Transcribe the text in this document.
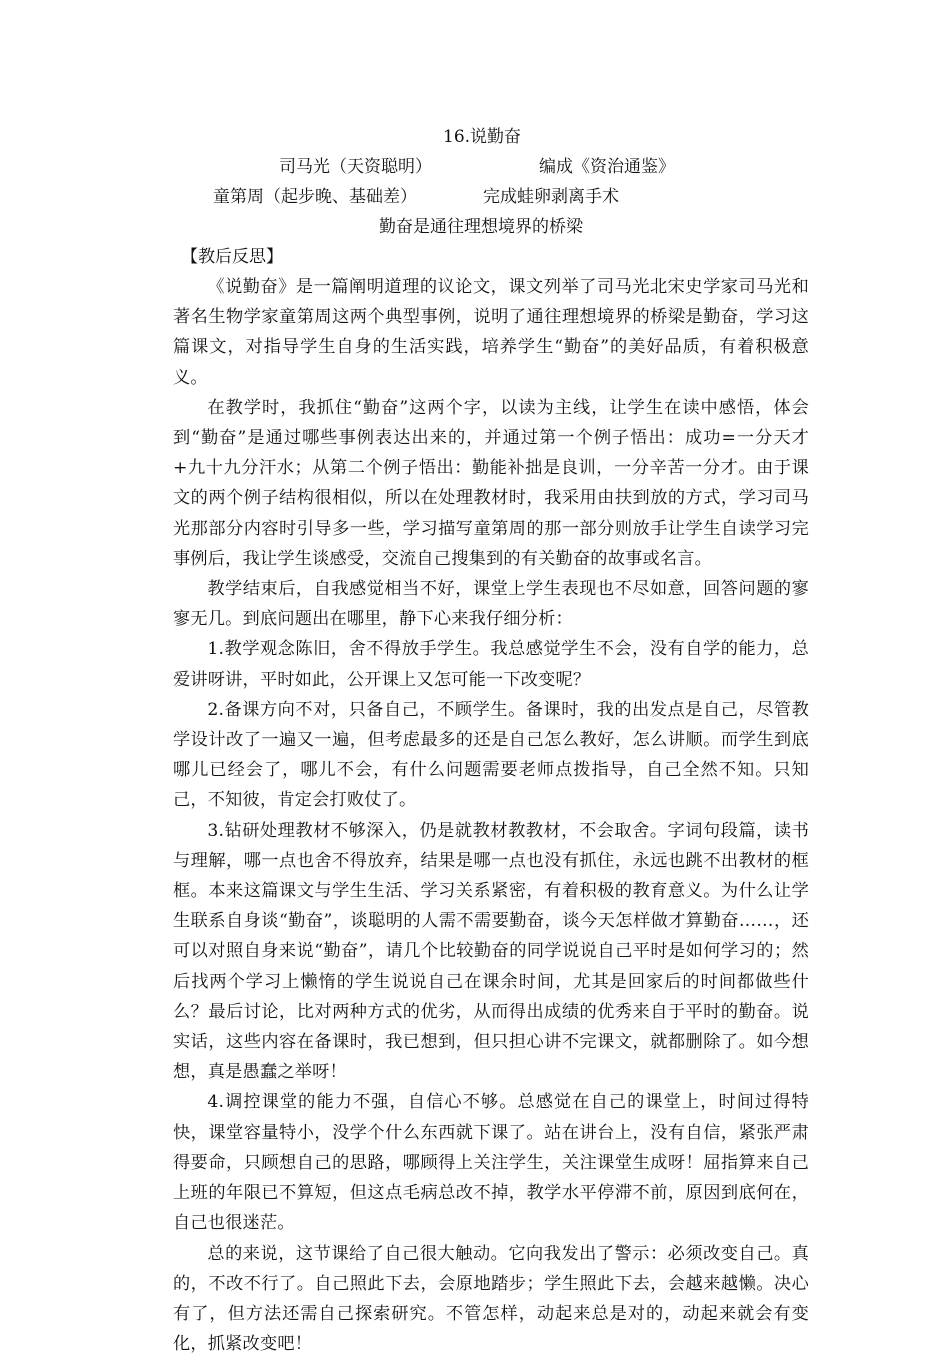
16.说勤奋
司马光（天资聪明）	编成《资治通鉴》
童第周（起步晚、基础差）	完成蛙卵剥离手术
勤奋是通往理想境界的桥梁
【教后反思】

《说勤奋》是一篇阐明道理的议论文，课文列举了司马光北宋史学家司马光和著名生物学家童第周这两个典型事例，说明了通往理想境界的桥梁是勤奋，学习这篇课文，对指导学生自身的生活实践，培养学生“勤奋”的美好品质，有着积极意义。

在教学时，我抓住“勤奋”这两个字，以读为主线，让学生在读中感悟，体会到“勤奋”是通过哪些事例表达出来的，并通过第一个例子悟出：成功=一分天才+九十九分汗水；从第二个例子悟出：勤能补拙是良训，一分辛苦一分才。由于课文的两个例子结构很相似，所以在处理教材时，我采用由扶到放的方式，学习司马光那部分内容时引导多一些，学习描写童第周的那一部分则放手让学生自读学习完事例后，我让学生谈感受，交流自己搜集到的有关勤奋的故事或名言。

教学结束后，自我感觉相当不好，课堂上学生表现也不尽如意，回答问题的寥寥无几。到底问题出在哪里，静下心来我仔细分析：

1.教学观念陈旧，舍不得放手学生。我总感觉学生不会，没有自学的能力，总爱讲呀讲，平时如此，公开课上又怎可能一下改变呢？

2.备课方向不对，只备自己，不顾学生。备课时，我的出发点是自己，尽管教学设计改了一遍又一遍，但考虑最多的还是自己怎么教好，怎么讲顺。而学生到底哪儿已经会了，哪儿不会，有什么问题需要老师点拨指导，自己全然不知。只知己，不知彼，肯定会打败仗了。

3.钻研处理教材不够深入，仍是就教材教教材，不会取舍。字词句段篇，读书与理解，哪一点也舍不得放弃，结果是哪一点也没有抓住，永远也跳不出教材的框框。本来这篇课文与学生生活、学习关系紧密，有着积极的教育意义。为什么让学生联系自身谈“勤奋”，谈聪明的人需不需要勤奋，谈今天怎样做才算勤奋……，还可以对照自身来说“勤奋”，请几个比较勤奋的同学说说自己平时是如何学习的；然后找两个学习上懒惰的学生说说自己在课余时间，尤其是回家后的时间都做些什么？最后讨论，比对两种方式的优劣，从而得出成绩的优秀来自于平时的勤奋。说实话，这些内容在备课时，我已想到，但只担心讲不完课文，就都删除了。如今想想，真是愚蠢之举呀！

4.调控课堂的能力不强，自信心不够。总感觉在自己的课堂上，时间过得特快，课堂容量特小，没学个什么东西就下课了。站在讲台上，没有自信，紧张严肃得要命，只顾想自己的思路，哪顾得上关注学生，关注课堂生成呀！屈指算来自己上班的年限已不算短，但这点毛病总改不掉，教学水平停滞不前，原因到底何在，自己也很迷茫。

总的来说，这节课给了自己很大触动。它向我发出了警示：必须改变自己。真的，不改不行了。自己照此下去，会原地踏步；学生照此下去，会越来越懒。决心有了，但方法还需自己探索研究。不管怎样，动起来总是对的，动起来就会有变化，抓紧改变吧！
